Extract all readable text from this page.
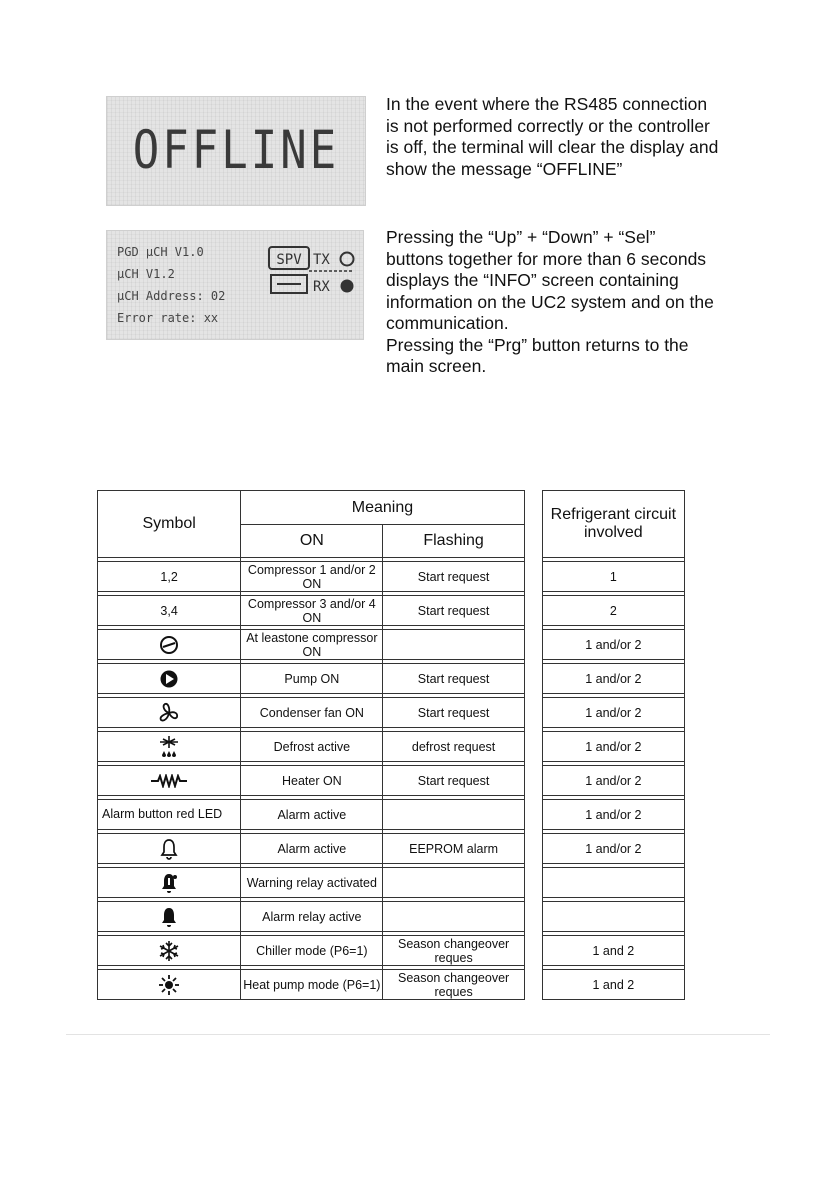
OFFLINE
PGD µCH V1.0
µCH V1.2
µCH Address: 02
Error rate: xx
SPV TX
RX
In the event where the RS485 connection
is not performed correctly or the controller
is off, the terminal will clear the display and
show the message “OFFLINE”
Pressing the “Up” + “Down” + “Sel”
buttons together for more than 6 seconds
displays the “INFO” screen containing
information on the UC2 system and on the
communication.
Pressing the “Prg” button returns to the
main screen.
Symbol	Meaning			Refrigerant circuit involved
	ON	Flashing		

1,2	Compressor 1 and/or 2 ON	Start request		1

3,4	Compressor 3 and/or 4 ON	Start request		2

	At leastone compressor ON			1 and/or 2

	Pump ON	Start request		1 and/or 2

	Condenser fan ON	Start request		1 and/or 2

	Defrost active	defrost request		1 and/or 2

	Heater ON	Start request		1 and/or 2

Alarm button red LED	Alarm active			1 and/or 2

	Alarm active	EEPROM alarm		1 and/or 2

	Warning relay activated			

	Alarm relay active			

	Chiller mode (P6=1)	Season changeover reques		1 and 2

	Heat pump mode (P6=1)	Season changeover reques		1 and 2
